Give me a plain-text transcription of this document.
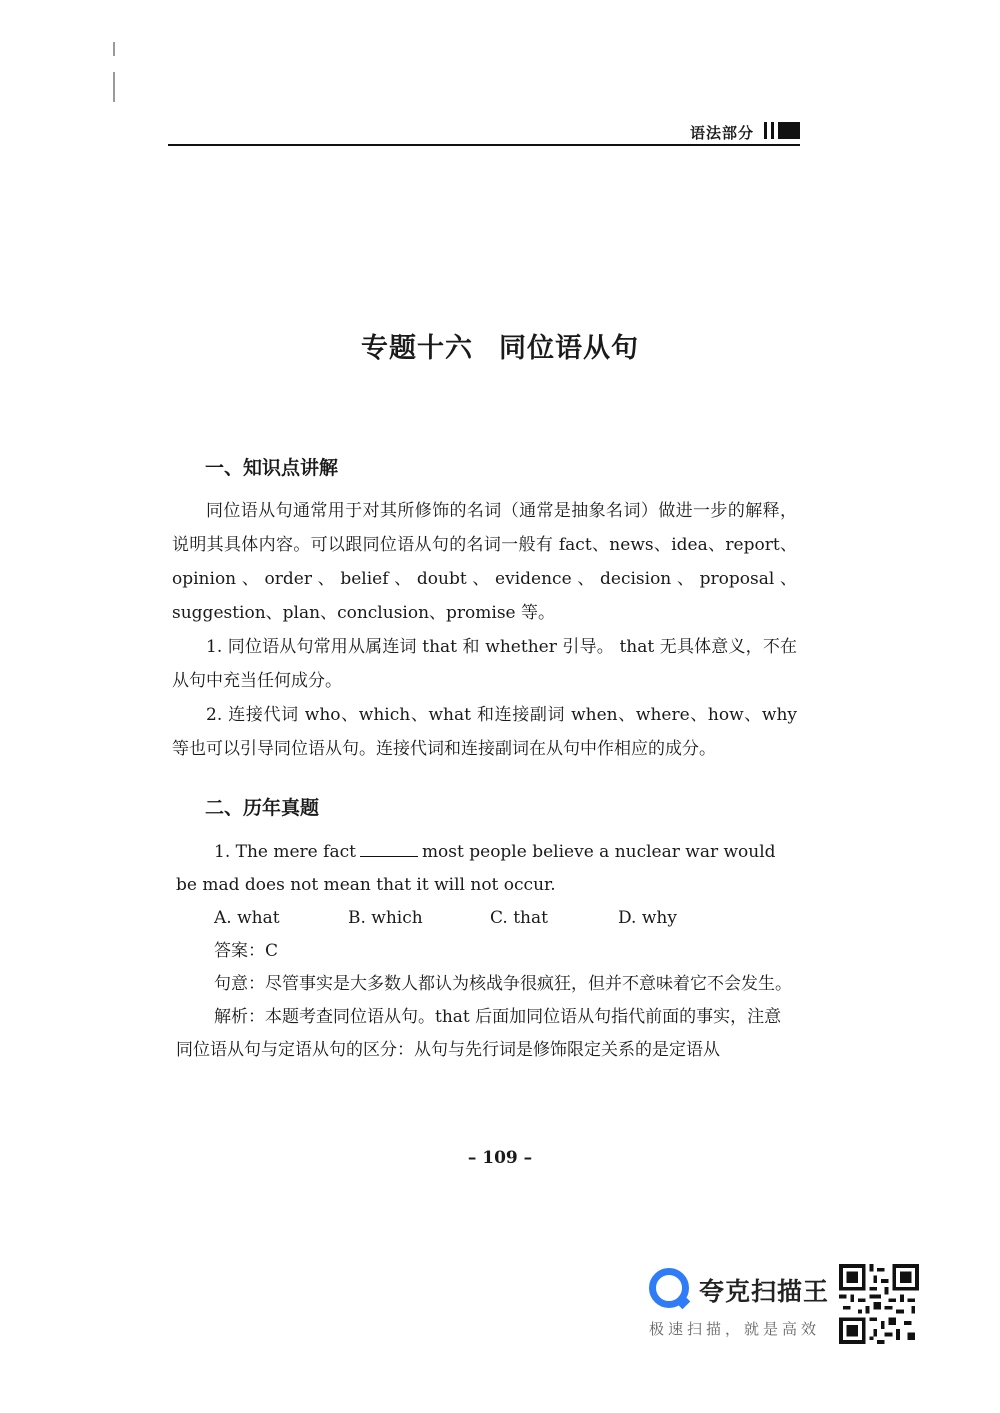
语法部分
专题十六 同位语从句
一、知识点讲解

同位语从句通常用于对其所修饰的名词（通常是抽象名词）做进一步的解释，说明其具体内容。可以跟同位语从句的名词一般有 fact、news、idea、report、opinion、order、belief、doubt、evidence、decision、proposal、suggestion、plan、conclusion、promise 等。

1. 同位语从句常用从属连词 that 和 whether 引导。 that 无具体意义，不在从句中充当任何成分。

2. 连接代词 who、which、what 和连接副词 when、where、how、why 等也可以引导同位语从句。连接代词和连接副词在从句中作相应的成分。

二、历年真题

1. The mere fact	most people believe a nuclear war would be mad does not mean that it will not occur.

A. what	B. which	C. that	D. why

答案：C

句意：尽管事实是大多数人都认为核战争很疯狂，但并不意味着它不会发生。

解析：本题考查同位语从句。that 后面加同位语从句指代前面的事实，注意同位语从句与定语从句的区分：从句与先行词是修饰限定关系的是定语从

– 109 –
夸克扫描王
极速扫描，就是高效
